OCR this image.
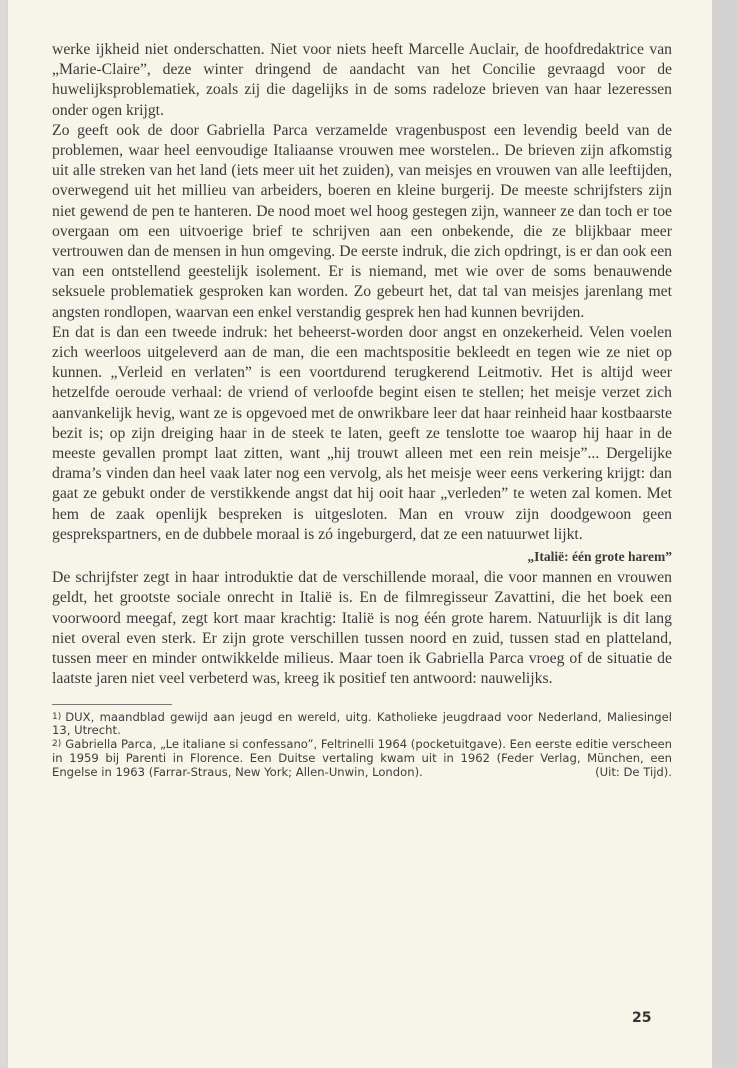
werke ijkheid niet onderschatten. Niet voor niets heeft Marcelle Auclair, de hoofdredaktrice van „Marie-Claire”, deze winter dringend de aandacht van het Concilie gevraagd voor de huwelijksproblematiek, zoals zij die dagelijks in de soms radeloze brieven van haar lezeressen onder ogen krijgt.

Zo geeft ook de door Gabriella Parca verzamelde vragenbuspost een levendig beeld van de problemen, waar heel eenvoudige Italiaanse vrouwen mee worstelen.. De brieven zijn afkomstig uit alle streken van het land (iets meer uit het zuiden), van meisjes en vrouwen van alle leeftijden, overwegend uit het millieu van arbeiders, boeren en kleine burgerij. De meeste schrijfsters zijn niet gewend de pen te hanteren. De nood moet wel hoog gestegen zijn, wanneer ze dan toch er toe overgaan om een uitvoerige brief te schrijven aan een onbekende, die ze blijkbaar meer vertrouwen dan de mensen in hun omgeving. De eerste indruk, die zich opdringt, is er dan ook een van een ontstellend geestelijk isolement. Er is niemand, met wie over de soms benauwende seksuele problematiek gesproken kan worden. Zo gebeurt het, dat tal van meisjes jarenlang met angsten rondlopen, waarvan een enkel verstandig gesprek hen had kunnen bevrijden.

En dat is dan een tweede indruk: het beheerst-worden door angst en onzekerheid. Velen voelen zich weerloos uitgeleverd aan de man, die een machtspositie bekleedt en tegen wie ze niet op kunnen. „Verleid en verlaten” is een voortdurend terugkerend Leitmotiv. Het is altijd weer hetzelfde oeroude verhaal: de vriend of verloofde begint eisen te stellen; het meisje verzet zich aanvankelijk hevig, want ze is opgevoed met de onwrikbare leer dat haar reinheid haar kostbaarste bezit is; op zijn dreiging haar in de steek te laten, geeft ze tenslotte toe waarop hij haar in de meeste gevallen prompt laat zitten, want „hij trouwt alleen met een rein meisje”... Dergelijke drama’s vinden dan heel vaak later nog een vervolg, als het meisje weer eens verkering krijgt: dan gaat ze gebukt onder de verstikkende angst dat hij ooit haar „verleden” te weten zal komen. Met hem de zaak openlijk bespreken is uitgesloten. Man en vrouw zijn doodgewoon geen gesprekspartners, en de dubbele moraal is zó ingeburgerd, dat ze een natuurwet lijkt.

„Italië: één grote harem”

De schrijfster zegt in haar introduktie dat de verschillende moraal, die voor mannen en vrouwen geldt, het grootste sociale onrecht in Italië is. En de filmregisseur Zavattini, die het boek een voorwoord meegaf, zegt kort maar krachtig: Italië is nog één grote harem. Natuurlijk is dit lang niet overal even sterk. Er zijn grote verschillen tussen noord en zuid, tussen stad en platteland, tussen meer en minder ontwikkelde milieus. Maar toen ik Gabriella Parca vroeg of de situatie de laatste jaren niet veel verbeterd was, kreeg ik positief ten antwoord: nauwelijks.

1) DUX, maandblad gewijd aan jeugd en wereld, uitg. Katholieke jeugdraad voor Nederland, Maliesingel 13, Utrecht.

2) Gabriella Parca, „Le italiane si confessano”, Feltrinelli 1964 (pocketuitgave). Een eerste editie verscheen in 1959 bij Parenti in Florence. Een Duitse vertaling kwam uit in 1962 (Feder Verlag, München, een Engelse in 1963 (Farrar-Straus, New York; Allen-Unwin, London).	(Uit: De Tijd).

25
